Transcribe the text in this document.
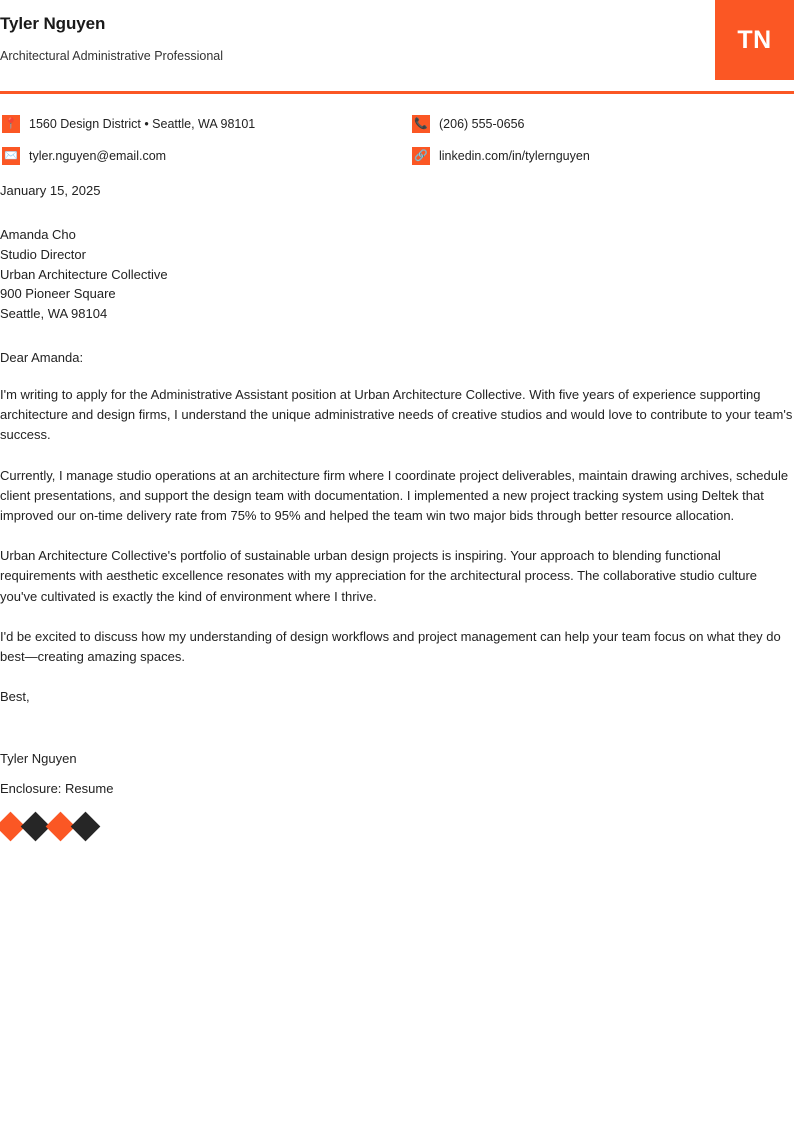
Tyler Nguyen
Architectural Administrative Professional
TN
📍 1560 Design District • Seattle, WA 98101
✉️ tyler.nguyen@email.com
📞 (206) 555-0656
🔗 linkedin.com/in/tylernguyen
January 15, 2025
Amanda Cho
Studio Director
Urban Architecture Collective
900 Pioneer Square
Seattle, WA 98104
Dear Amanda:

I'm writing to apply for the Administrative Assistant position at Urban Architecture Collective. With five years of experience supporting architecture and design firms, I understand the unique administrative needs of creative studios and would love to contribute to your team's success.

Currently, I manage studio operations at an architecture firm where I coordinate project deliverables, maintain drawing archives, schedule client presentations, and support the design team with documentation. I implemented a new project tracking system using Deltek that improved our on-time delivery rate from 75% to 95% and helped the team win two major bids through better resource allocation.

Urban Architecture Collective's portfolio of sustainable urban design projects is inspiring. Your approach to blending functional requirements with aesthetic excellence resonates with my appreciation for the architectural process. The collaborative studio culture you've cultivated is exactly the kind of environment where I thrive.

I'd be excited to discuss how my understanding of design workflows and project management can help your team focus on what they do best—creating amazing spaces.

Best,
Tyler Nguyen
Enclosure: Resume
